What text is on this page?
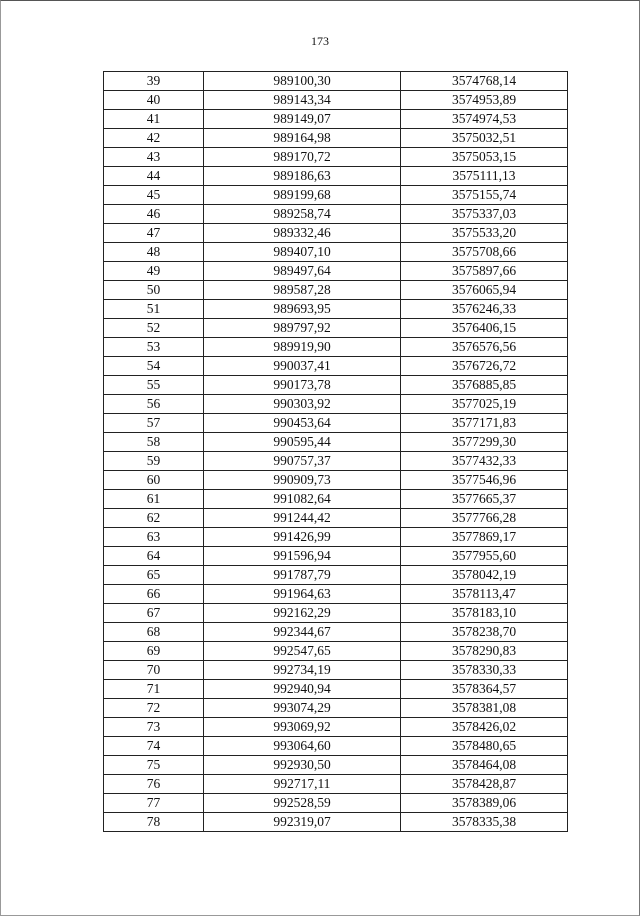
173
39	989100,30	3574768,14
40	989143,34	3574953,89
41	989149,07	3574974,53
42	989164,98	3575032,51
43	989170,72	3575053,15
44	989186,63	3575111,13
45	989199,68	3575155,74
46	989258,74	3575337,03
47	989332,46	3575533,20
48	989407,10	3575708,66
49	989497,64	3575897,66
50	989587,28	3576065,94
51	989693,95	3576246,33
52	989797,92	3576406,15
53	989919,90	3576576,56
54	990037,41	3576726,72
55	990173,78	3576885,85
56	990303,92	3577025,19
57	990453,64	3577171,83
58	990595,44	3577299,30
59	990757,37	3577432,33
60	990909,73	3577546,96
61	991082,64	3577665,37
62	991244,42	3577766,28
63	991426,99	3577869,17
64	991596,94	3577955,60
65	991787,79	3578042,19
66	991964,63	3578113,47
67	992162,29	3578183,10
68	992344,67	3578238,70
69	992547,65	3578290,83
70	992734,19	3578330,33
71	992940,94	3578364,57
72	993074,29	3578381,08
73	993069,92	3578426,02
74	993064,60	3578480,65
75	992930,50	3578464,08
76	992717,11	3578428,87
77	992528,59	3578389,06
78	992319,07	3578335,38
